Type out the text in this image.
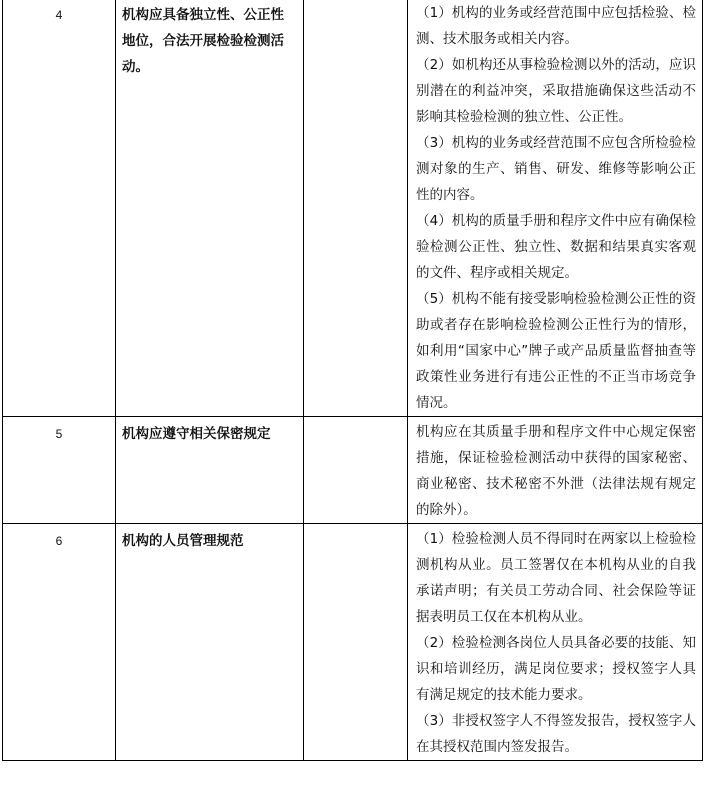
4	机构应具备独立性、公正性地位，合法开展检验检测活动。		（1）机构的业务或经营范围中应包括检验、检测、技术服务或相关内容。

（2）如机构还从事检验检测以外的活动，应识别潜在的利益冲突，采取措施确保这些活动不影响其检验检测的独立性、公正性。

（3）机构的业务或经营范围不应包含所检验检测对象的生产、销售、研发、维修等影响公正性的内容。

（4）机构的质量手册和程序文件中应有确保检验检测公正性、独立性、数据和结果真实客观的文件、程序或相关规定。

（5）机构不能有接受影响检验检测公正性的资助或者存在影响检验检测公正性行为的情形，如利用“国家中心”牌子或产品质量监督抽查等政策性业务进行有违公正性的不正当市场竞争情况。

5	机构应遵守相关保密规定		机构应在其质量手册和程序文件中心规定保密措施，保证检验检测活动中获得的国家秘密、商业秘密、技术秘密不外泄（法律法规有规定的除外）。

6	机构的人员管理规范		（1）检验检测人员不得同时在两家以上检验检测机构从业。员工签署仅在本机构从业的自我承诺声明；有关员工劳动合同、社会保险等证据表明员工仅在本机构从业。

（2）检验检测各岗位人员具备必要的技能、知识和培训经历，满足岗位要求；授权签字人具有满足规定的技术能力要求。

（3）非授权签字人不得签发报告，授权签字人在其授权范围内签发报告。
